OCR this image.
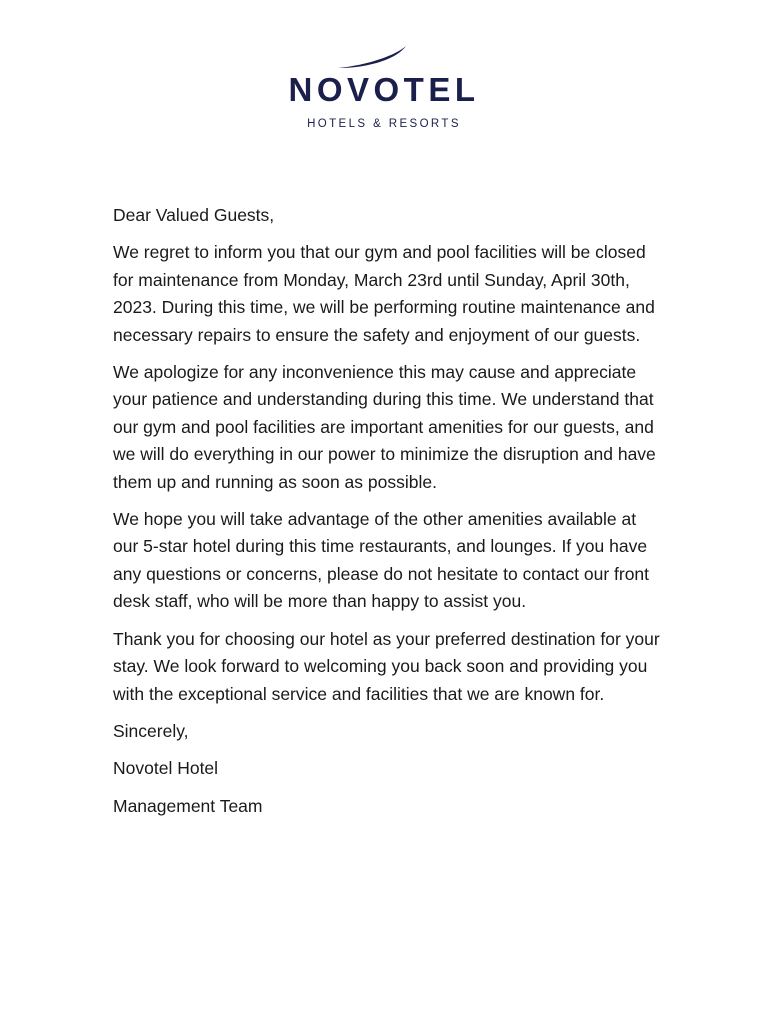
NOVOTEL
HOTELS & RESORTS

Dear Valued Guests,

We regret to inform you that our gym and pool facilities will be closed for maintenance from Monday, March 23rd until Sunday, April 30th, 2023. During this time, we will be performing routine maintenance and necessary repairs to ensure the safety and enjoyment of our guests.

We apologize for any inconvenience this may cause and appreciate your patience and understanding during this time. We understand that our gym and pool facilities are important amenities for our guests, and we will do everything in our power to minimize the disruption and have them up and running as soon as possible.

We hope you will take advantage of the other amenities available at our 5-star hotel during this time restaurants, and lounges. If you have any questions or concerns, please do not hesitate to contact our front desk staff, who will be more than happy to assist you.

Thank you for choosing our hotel as your preferred destination for your stay. We look forward to welcoming you back soon and providing you with the exceptional service and facilities that we are known for.

Sincerely,

Novotel Hotel

Management Team
